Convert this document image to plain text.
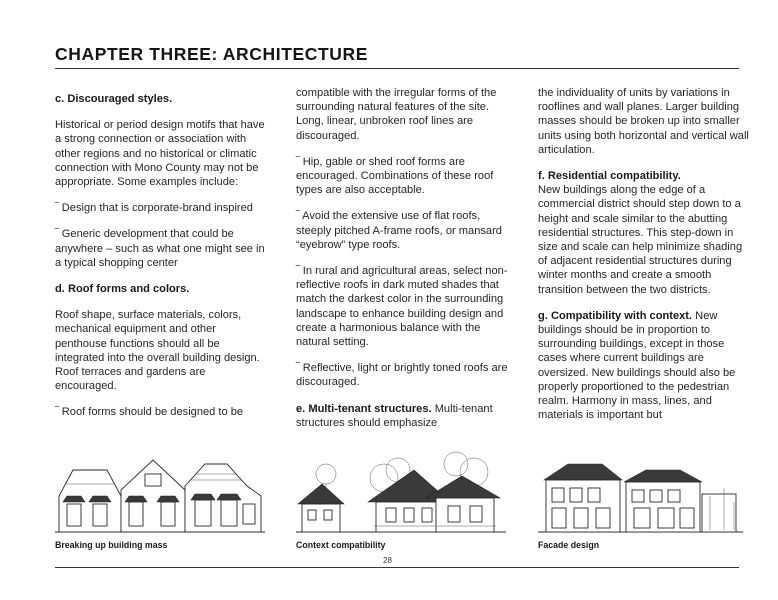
CHAPTER THREE: ARCHITECTURE

c. Discouraged styles.

Historical or period design motifs that have a strong connection or association with other regions and no historical or climatic connection with Mono County may not be appropriate. Some examples include:

‾ Design that is corporate-brand inspired

‾ Generic development that could be anywhere – such as what one might see in a typical shopping center

d. Roof forms and colors.

Roof shape, surface materials, colors, mechanical equipment and other penthouse functions should all be integrated into the overall building design. Roof terraces and gardens are encouraged.

‾ Roof forms should be designed to be

compatible with the irregular forms of the surrounding natural features of the site. Long, linear, unbroken roof lines are discouraged.

‾ Hip, gable or shed roof forms are encouraged. Combinations of these roof types are also acceptable.

‾ Avoid the extensive use of flat roofs, steeply pitched A-frame roofs, or mansard “eyebrow” type roofs.

‾ In rural and agricultural areas, select non-reflective roofs in dark muted shades that match the darkest color in the surrounding landscape to enhance building design and create a harmonious balance with the natural setting.

‾ Reflective, light or brightly toned roofs are discouraged.

e. Multi-tenant structures. Multi-tenant structures should emphasize

the individuality of units by variations in rooflines and wall planes. Larger building masses should be broken up into smaller units using both horizontal and vertical wall articulation.

f. Residential compatibility.
New buildings along the edge of a commercial district should step down to a height and scale similar to the abutting residential structures. This step-down in size and scale can help minimize shading of adjacent residential structures during winter months and create a smooth transition between the two districts.

g. Compatibility with context. New buildings should be in proportion to surrounding buildings, except in those cases where current buildings are oversized. New buildings should also be properly proportioned to the pedestrian realm. Harmony in mass, lines, and materials is important but

Breaking up building mass	Context compatibility	Facade design
28
